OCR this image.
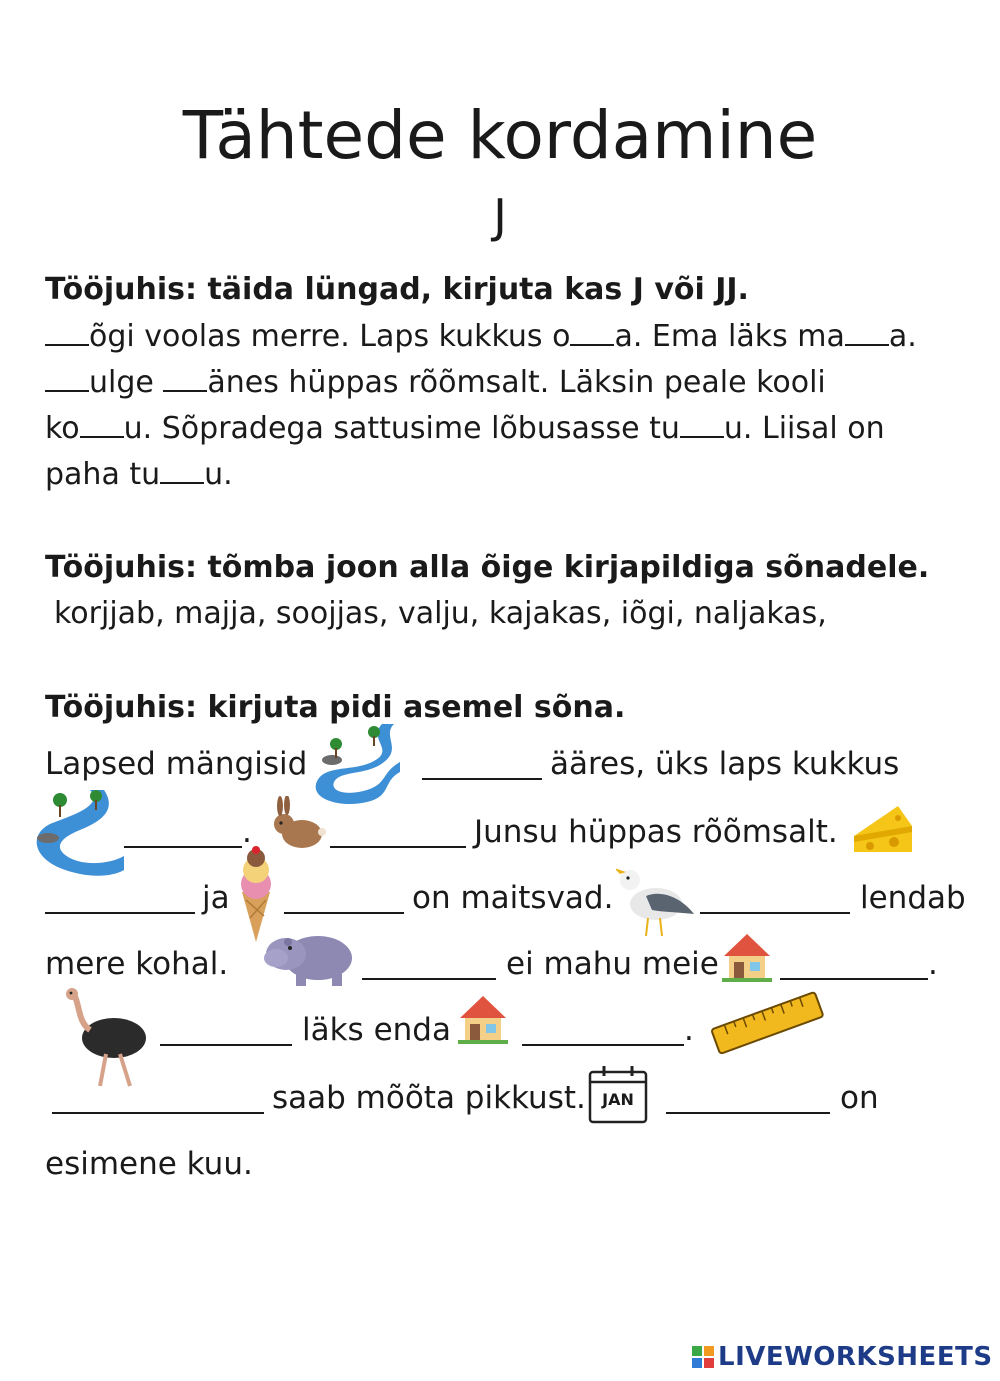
Tähtede kordamine
J
Tööjuhis: täida lüngad, kirjuta kas J või JJ.
õgi voolas merre. Laps kukkus o a. Ema läks ma a.
ulge änes hüppas rõõmsalt. Läksin peale kooli
ko u. Sõpradega sattusime lõbusasse tu u. Liisal on
paha tu u.
Tööjuhis: tõmba joon alla õige kirjapildiga sõnadele.
korjjab, majja, soojjas, valju, kajakas, iõgi, naljakas,
Tööjuhis: kirjuta pidi asemel sõna.
Lapsed mängisid	ääres, üks laps kukkus
.	Junsu hüppas rõõmsalt.
ja	on maitsvad.	lendab
mere kohal.	ei mahu meie	.
läks enda	.
saab mõõta pikkust.	JAN	on
esimene kuu.
LIVEWORKSHEETS
